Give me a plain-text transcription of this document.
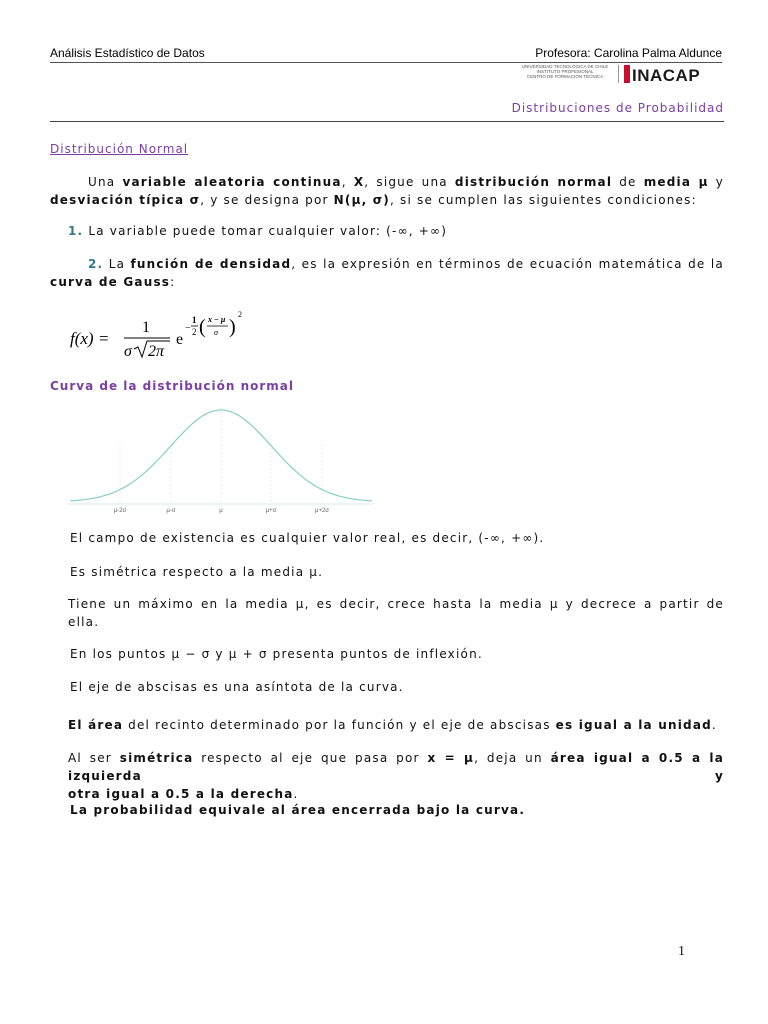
Análisis Estadístico de Datos	Profesora: Carolina Palma Aldunce
UNIVERSIDAD TECNOLÓGICA DE CHILE
INSTITUTO PROFESIONAL
CENTRO DE FORMACIÓN TÉCNICA	INACAP
Distribuciones de Probabilidad
Distribución Normal
Una variable aleatoria continua, X, sigue una distribución normal de media μ y
desviación típica σ, y se designa por N(μ, σ), si se cumplen las siguientes condiciones:
1. La variable puede tomar cualquier valor: (-∞, +∞)
2. La función de densidad, es la expresión en términos de ecuación matemática de la
curva de Gauss:
f(x) =
1
σ 2π
e
−
1
2 ( x − μ
σ )
2
Curva de la distribución normal
μ-2σ	μ-σ	μ	μ+σ	μ+2σ
El campo de existencia es cualquier valor real, es decir, (-∞, +∞).
Es simétrica respecto a la media μ.
Tiene un máximo en la media μ, es decir, crece hasta la media μ y decrece a partir de
ella.
En los puntos μ − σ y μ + σ presenta puntos de inflexión.
El eje de abscisas es una asíntota de la curva.
El área del recinto determinado por la función y el eje de abscisas es igual a la unidad.
Al ser simétrica respecto al eje que pasa por x = μ, deja un área igual a 0.5 a la izquierda y
otra igual a 0.5 a la derecha.
La probabilidad equivale al área encerrada bajo la curva.
1
